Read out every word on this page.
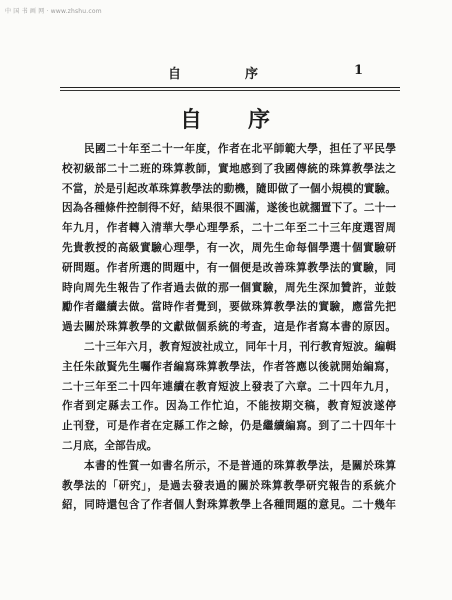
中 国 书 画 网 · www.zhshu.com
自	序	1
自 序
民國二十年至二十一年度，作者在北平師範大學，担任了平民學
校初級部二十二班的珠算教師，實地感到了我國傳統的珠算教學法之
不當，於是引起改革珠算教學法的動機，隨即做了一個小規模的實驗。
因為各種條件控制得不好，結果很不圓滿，遂後也就擱置下了。二十一
年九月，作者轉入清華大學心理學系，二十二年至二十三年度選習周
先貴教授的高級實驗心理學，有一次，周先生命每個學選十個實驗研
研問題。作者所選的問題中，有一個便是改善珠算教學法的實驗，同
時向周先生報告了作者過去做的那一個實驗，周先生深加贊許，並鼓
勵作者繼續去做。當時作者覺到，要做珠算教學法的實驗，應當先把
過去關於珠算教學的文獻做個系統的考查，這是作者寫本書的原因。
二十三年六月，教育短波社成立，同年十月，刊行教育短波。編輯
主任朱啟賢先生囑作者編寫珠算教學法，作者答應以後就開始編寫，
二十三年至二十四年連續在教育短波上發表了六章。二十四年九月，
作者到定縣去工作。因為工作忙迫，不能按期交稿，教育短波遂停
止刊登，可是作者在定縣工作之餘，仍是繼續編寫。到了二十四年十
二月底，全部告成。
本書的性質一如書名所示，不是普通的珠算教學法，是關於珠算
教學法的「研究」，是過去發表過的關於珠算教學研究報告的系統介
紹，同時還包含了作者個人對珠算教學上各種問題的意見。二十幾年
